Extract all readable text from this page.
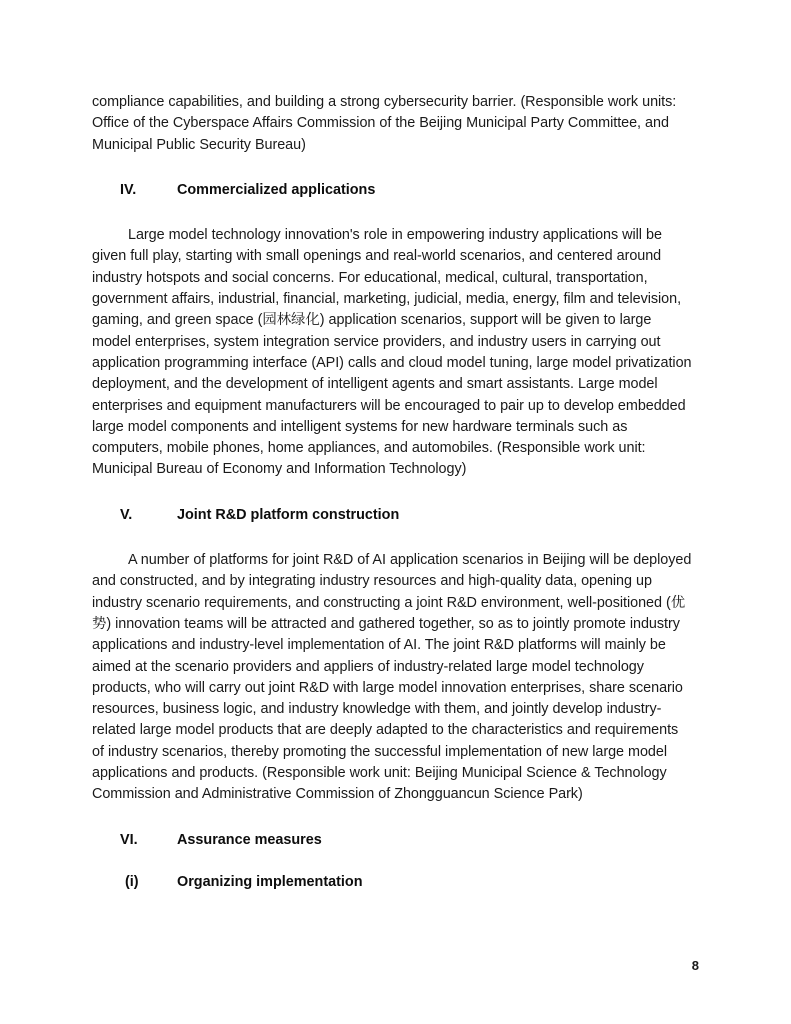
compliance capabilities, and building a strong cybersecurity barrier. (Responsible work units: Office of the Cyberspace Affairs Commission of the Beijing Municipal Party Committee, and Municipal Public Security Bureau)

IV.	Commercialized applications

Large model technology innovation's role in empowering industry applications will be given full play, starting with small openings and real-world scenarios, and centered around industry hotspots and social concerns. For educational, medical, cultural, transportation, government affairs, industrial, financial, marketing, judicial, media, energy, film and television, gaming, and green space (园林绿化) application scenarios, support will be given to large model enterprises, system integration service providers, and industry users in carrying out application programming interface (API) calls and cloud model tuning, large model privatization deployment, and the development of intelligent agents and smart assistants. Large model enterprises and equipment manufacturers will be encouraged to pair up to develop embedded large model components and intelligent systems for new hardware terminals such as computers, mobile phones, home appliances, and automobiles. (Responsible work unit: Municipal Bureau of Economy and Information Technology)

V.	Joint R&D platform construction

A number of platforms for joint R&D of AI application scenarios in Beijing will be deployed and constructed, and by integrating industry resources and high-quality data, opening up industry scenario requirements, and constructing a joint R&D environment, well-positioned (优势) innovation teams will be attracted and gathered together, so as to jointly promote industry applications and industry-level implementation of AI. The joint R&D platforms will mainly be aimed at the scenario providers and appliers of industry-related large model technology products, who will carry out joint R&D with large model innovation enterprises, share scenario resources, business logic, and industry knowledge with them, and jointly develop industry-related large model products that are deeply adapted to the characteristics and requirements of industry scenarios, thereby promoting the successful implementation of new large model applications and products. (Responsible work unit: Beijing Municipal Science & Technology Commission and Administrative Commission of Zhongguancun Science Park)

VI.	Assurance measures
(i)	Organizing implementation
8
